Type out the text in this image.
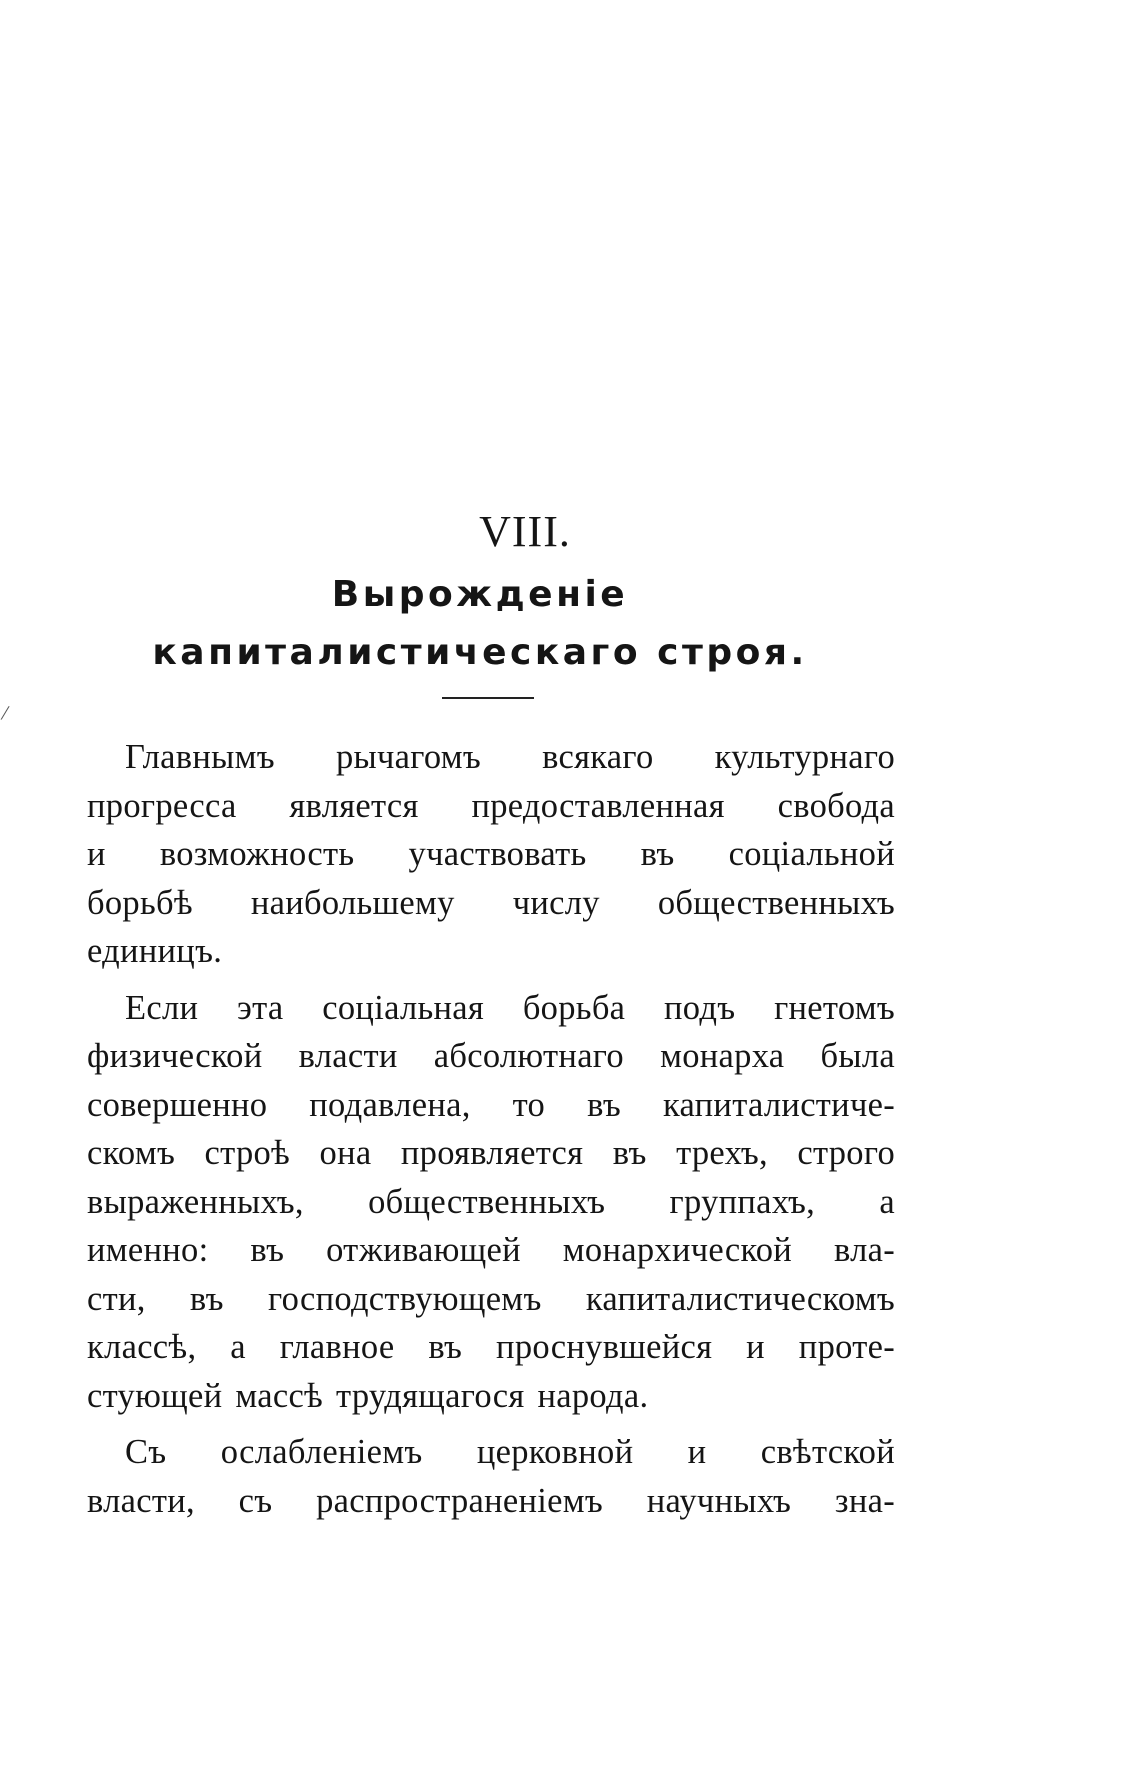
VIII.
Вырожденіе капиталистическаго строя.
/

Главнымъ рычагомъ всякаго культурнаго
прогресса является предоставленная свобода
и возможность участвовать въ соціальной
борьбѣ наибольшему числу общественныхъ
единицъ.

Если эта соціальная борьба подъ гнетомъ
физической власти абсолютнаго монарха была
совершенно подавлена, то въ капиталистиче-
скомъ строѣ она проявляется въ трехъ, строго
выраженныхъ, общественныхъ группахъ, а
именно: въ отживающей монархической вла-
сти, въ господствующемъ капиталистическомъ
классѣ, а главное въ проснувшейся и проте-
стующей массѣ трудящагося народа.

Съ ослабленіемъ церковной и свѣтской
власти, съ распространеніемъ научныхъ зна-
